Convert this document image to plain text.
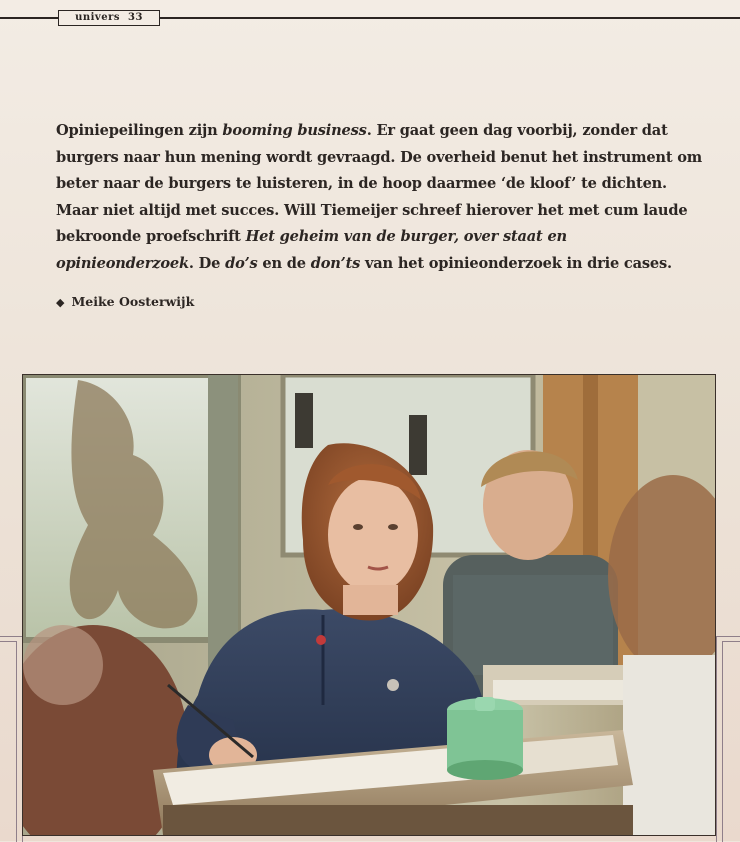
univers 33
Opiniepeilingen zijn booming business. Er gaat geen dag voorbij, zonder dat burgers naar hun mening wordt gevraagd. De overheid benut het instrument om beter naar de burgers te luisteren, in de hoop daarmee ‘de kloof’ te dichten. Maar niet altijd met succes. Will Tiemeijer schreef hierover het met cum laude bekroonde proefschrift Het geheim van de burger, over staat en opinieonderzoek. De do’s en de don’ts van het opinieonderzoek in drie cases.
◆ Meike Oosterwijk
